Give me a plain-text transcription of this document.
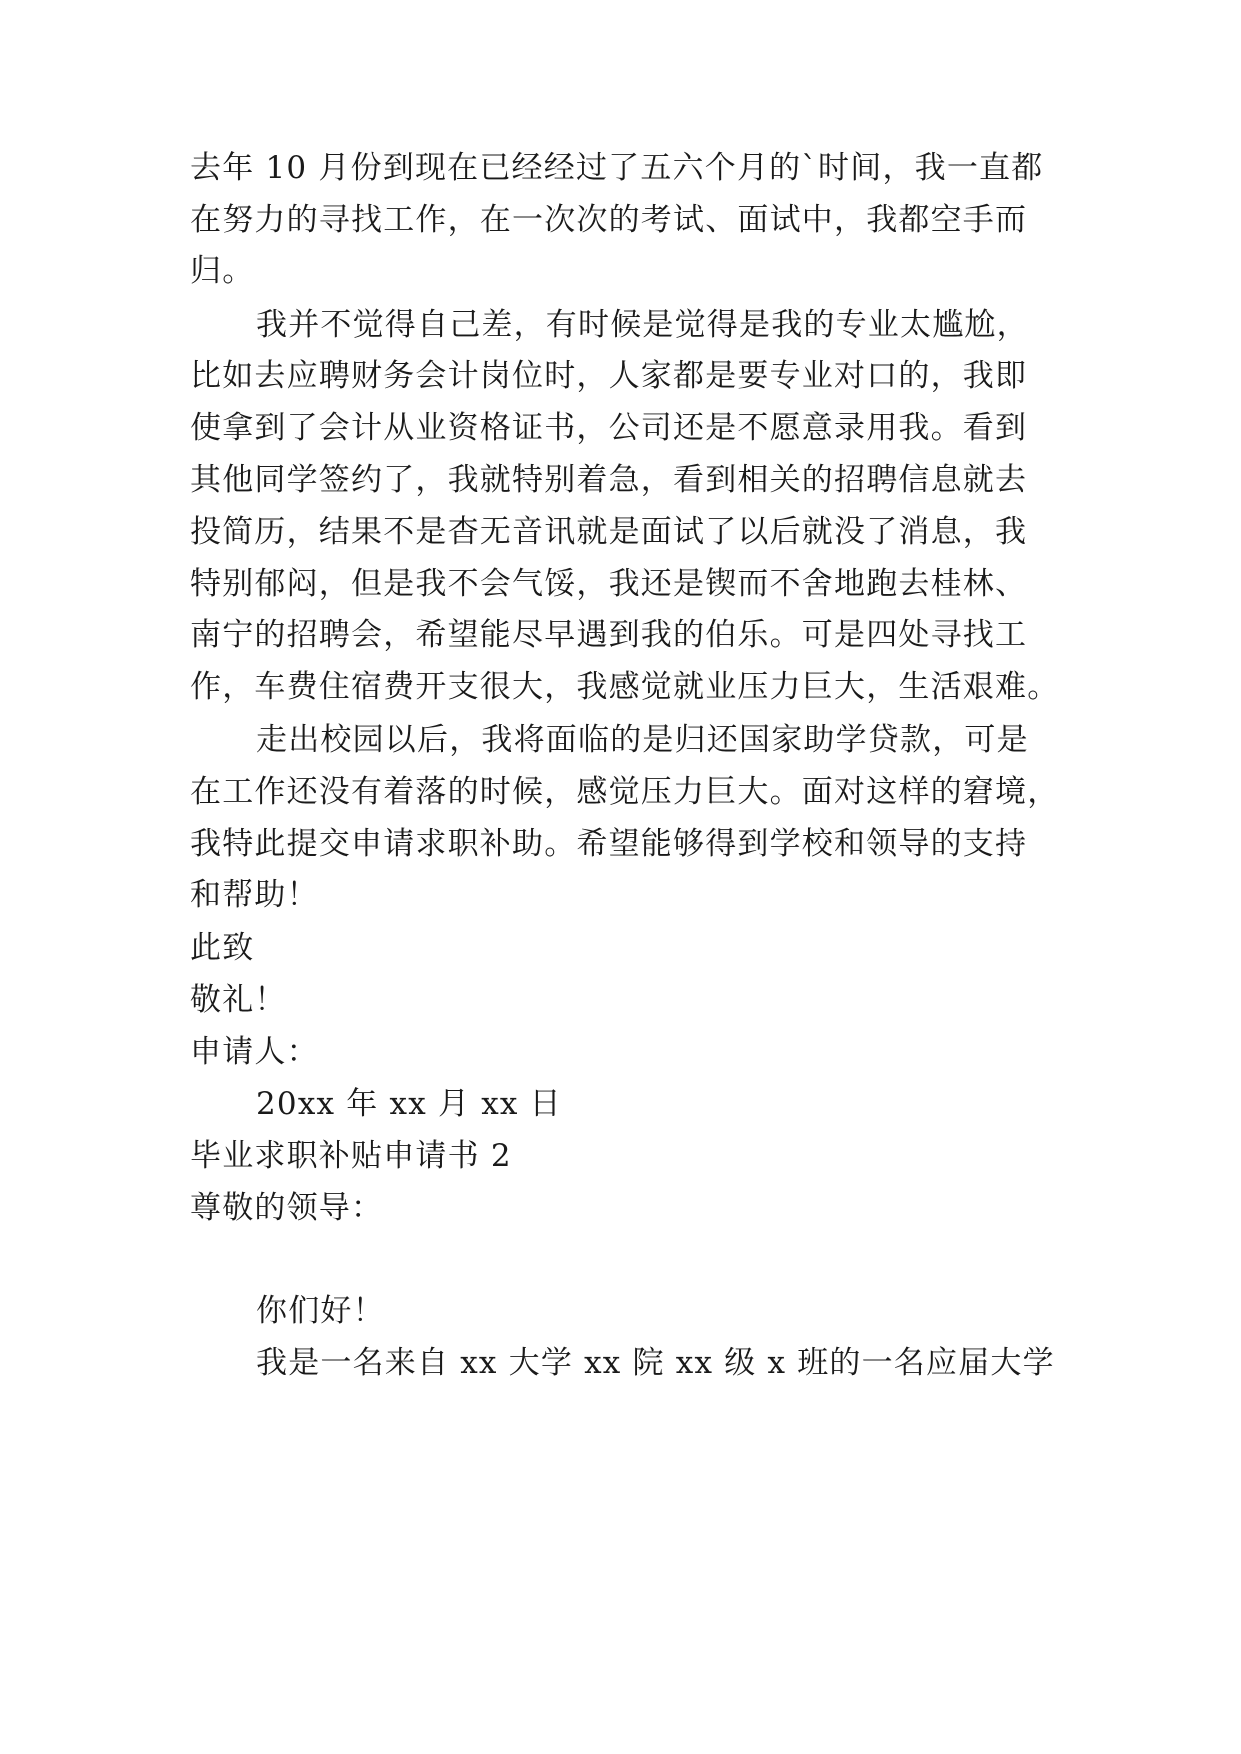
去年 10 月份到现在已经经过了五六个月的`时间，我一直都
在努力的寻找工作，在一次次的考试、面试中，我都空手而
归。
我并不觉得自己差，有时候是觉得是我的专业太尴尬，
比如去应聘财务会计岗位时，人家都是要专业对口的，我即
使拿到了会计从业资格证书，公司还是不愿意录用我。看到
其他同学签约了，我就特别着急，看到相关的招聘信息就去
投简历，结果不是杳无音讯就是面试了以后就没了消息，我
特别郁闷，但是我不会气馁，我还是锲而不舍地跑去桂林、
南宁的招聘会，希望能尽早遇到我的伯乐。可是四处寻找工
作，车费住宿费开支很大，我感觉就业压力巨大，生活艰难。
走出校园以后，我将面临的是归还国家助学贷款，可是
在工作还没有着落的时候，感觉压力巨大。面对这样的窘境，
我特此提交申请求职补助。希望能够得到学校和领导的支持
和帮助！
此致
敬礼！
申请人：
20xx 年 xx 月 xx 日
毕业求职补贴申请书 2
尊敬的领导：
你们好！
我是一名来自 xx 大学 xx 院 xx 级 x 班的一名应届大学
